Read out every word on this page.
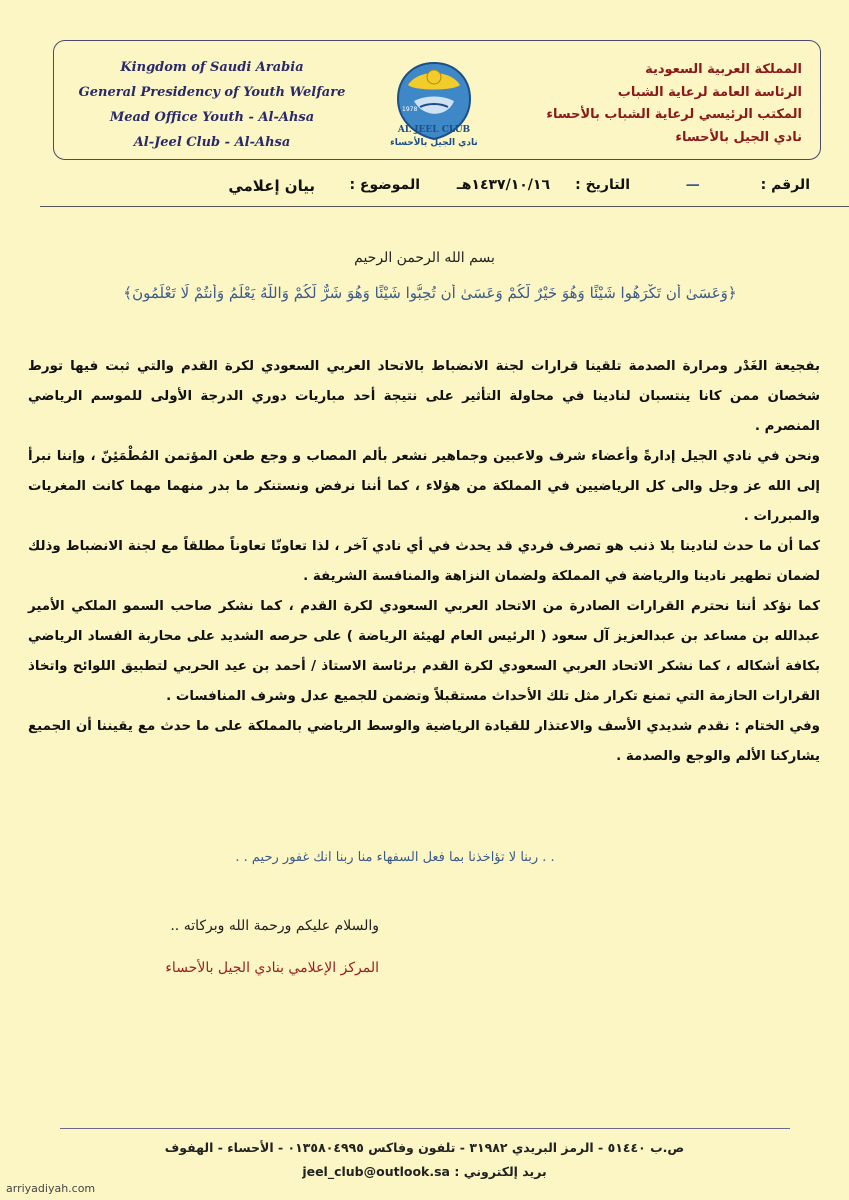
Kingdom of Saudi Arabia
General Presidency of Youth Welfare
Mead Office Youth - Al-Ahsa
Al-Jeel Club - Al-Ahsa
1978
AL JEEL CLUB
نادي الجيل بالأحساء
المملكة العربية السعودية
الرئاسة العامة لرعاية الشباب
المكتب الرئيسي لرعاية الشباب بالأحساء
نادي الجيل بالأحساء
الرقم :
—
التاريخ :
١٤٣٧/١٠/١٦هـ
الموضوع :
بيان إعلامي
بسم الله الرحمن الرحيم
﴿وَعَسَىٰ أَن تَكْرَهُوا شَيْئًا وَهُوَ خَيْرٌ لَّكُمْ وَعَسَىٰ أَن تُحِبُّوا شَيْئًا وَهُوَ شَرٌّ لَّكُمْ وَاللَّهُ يَعْلَمُ وَأَنتُمْ لَا تَعْلَمُونَ﴾

بفجيعة الغَدْر ومرارة الصدمة تلقينا قرارات لجنة الانضباط بالاتحاد العربي السعودي لكرة القدم والتي ثبت فيها تورط شخصان ممن كانا ينتسبان لنادينا في محاولة التأثير على نتيجة أحد مباريات دوري الدرجة الأولى للموسم الرياضي المنصرم .

ونحن في نادي الجيل إدارةً وأعضاء شرف ولاعبين وجماهير نشعر بألم المصاب و وجع طعن المؤتمن المُطْمَئِنّ ، وإننا نبرأ إلى الله عز وجل والى كل الرياضيين في المملكة من هؤلاء ، كما أننا نرفض ونستنكر ما بدر منهما مهما كانت المغريات والمبررات .

كما أن ما حدث لنادينا بلا ذنب هو تصرف فردي قد يحدث في أي نادي آخر ، لذا تعاونّا تعاوناً مطلقاً مع لجنة الانضباط وذلك لضمان تطهير نادينا والرياضة في المملكة ولضمان النزاهة والمنافسة الشريفة .

كما نؤكد أننا نحترم القرارات الصادرة من الاتحاد العربي السعودي لكرة القدم ، كما نشكر صاحب السمو الملكي الأمير عبدالله بن مساعد بن عبدالعزيز آل سعود ( الرئيس العام لهيئة الرياضة ) على حرصه الشديد على محاربة الفساد الرياضي بكافة أشكاله ، كما نشكر الاتحاد العربي السعودي لكرة القدم برئاسة الاستاذ / أحمد بن عيد الحربي لتطبيق اللوائح واتخاذ القرارات الحازمة التي تمنع تكرار مثل تلك الأحداث مستقبلاً وتضمن للجميع عدل وشرف المنافسات .

وفي الختام : نقدم شديدي الأسف والاعتذار للقيادة الرياضية والوسط الرياضي بالمملكة على ما حدث مع يقيننا أن الجميع يشاركنا الألم والوجع والصدمة .

. . ربنا لا تؤاخذنا بما فعل السفهاء منا ربنا انك غفور رحيم . .
والسلام عليكم ورحمة الله وبركاته ..
المركز الإعلامي بنادي الجيل بالأحساء
ص.ب ٥١٤٤٠ - الرمز البريدي ٣١٩٨٢ - تلفون وفاكس ٠١٣٥٨٠٤٩٩٥ - الأحساء - الهفوف
بريد إلكتروني : jeel_club@outlook.sa
arriyadiyah.com
